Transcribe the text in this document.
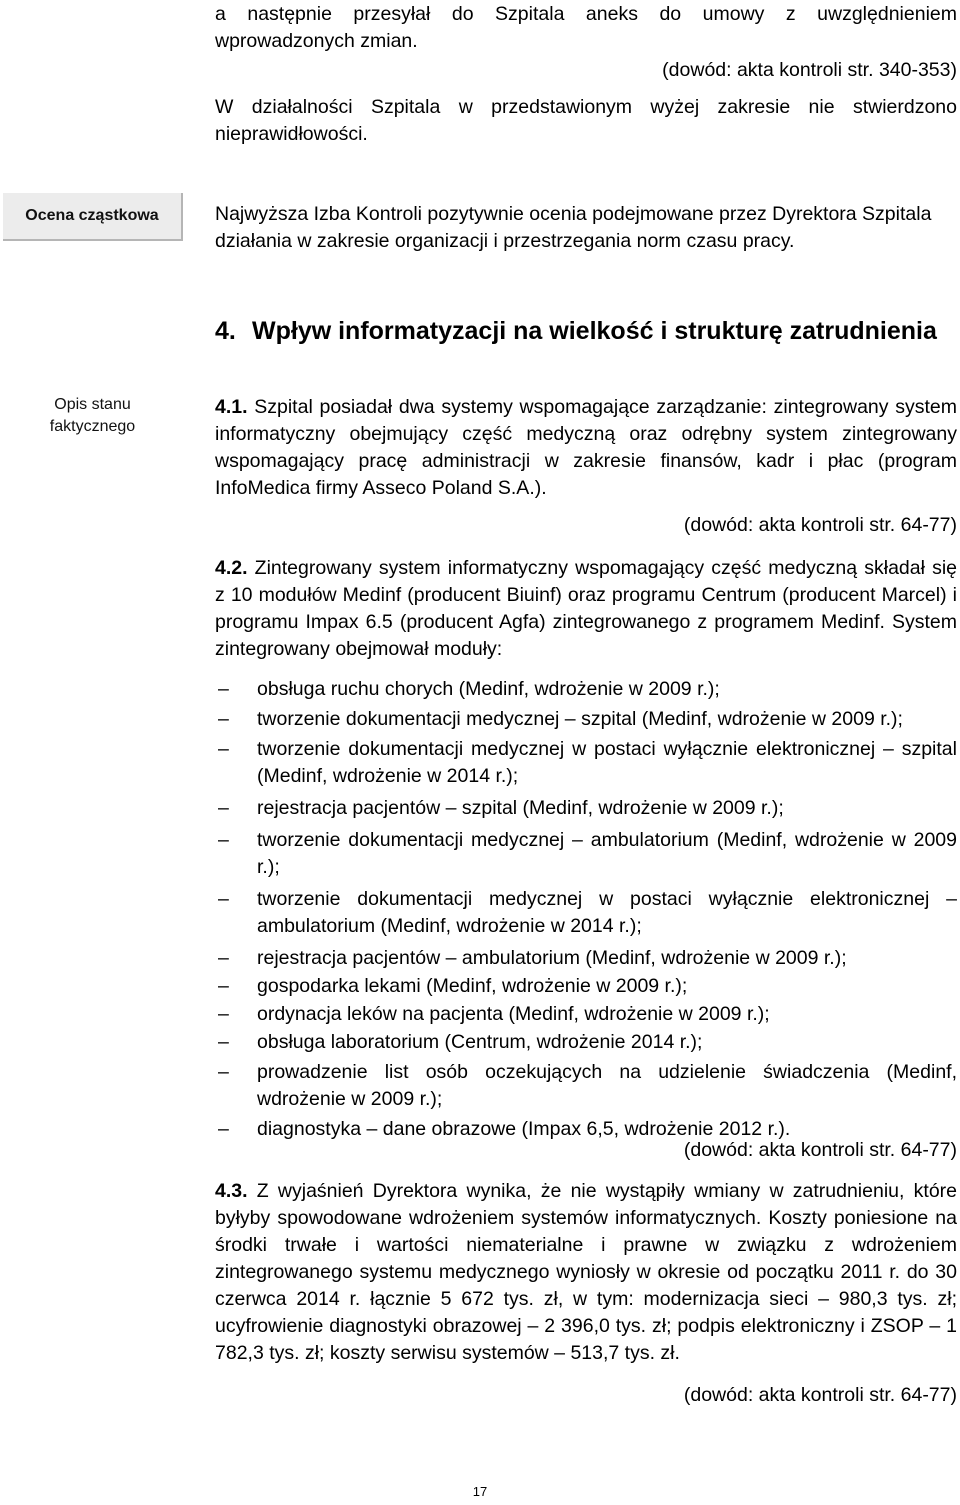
a następnie przesyłał do Szpitala aneks do umowy z uwzględnieniem wprowadzonych zmian.
(dowód: akta kontroli str. 340-353)
W działalności Szpitala w przedstawionym wyżej zakresie nie stwierdzono nieprawidłowości.
Ocena cząstkowa	Najwyższa Izba Kontroli pozytywnie ocenia podejmowane przez Dyrektora Szpitala działania w zakresie organizacji i przestrzegania norm czasu pracy.
4. Wpływ informatyzacji na wielkość i strukturę zatrudnienia
Opis stanu
faktycznego
4.1. Szpital posiadał dwa systemy wspomagające zarządzanie: zintegrowany system informatyczny obejmujący część medyczną oraz odrębny system zintegrowany wspomagający pracę administracji w zakresie finansów, kadr i płac (program InfoMedica firmy Asseco Poland S.A.).
(dowód: akta kontroli str. 64-77)
4.2. Zintegrowany system informatyczny wspomagający część medyczną składał się z 10 modułów Medinf (producent Biuinf) oraz programu Centrum (producent Marcel) i programu Impax 6.5 (producent Agfa) zintegrowanego z programem Medinf. System zintegrowany obejmował moduły:
– obsługa ruchu chorych (Medinf, wdrożenie w 2009 r.);
– tworzenie dokumentacji medycznej – szpital (Medinf, wdrożenie w 2009 r.);
– tworzenie dokumentacji medycznej w postaci wyłącznie elektronicznej – szpital (Medinf, wdrożenie w 2014 r.);
– rejestracja pacjentów – szpital (Medinf, wdrożenie w 2009 r.);
– tworzenie dokumentacji medycznej – ambulatorium (Medinf, wdrożenie w 2009 r.);
– tworzenie dokumentacji medycznej w postaci wyłącznie elektronicznej – ambulatorium (Medinf, wdrożenie w 2014 r.);
– rejestracja pacjentów – ambulatorium (Medinf, wdrożenie w 2009 r.);
– gospodarka lekami (Medinf, wdrożenie w 2009 r.);
– ordynacja leków na pacjenta (Medinf, wdrożenie w 2009 r.);
– obsługa laboratorium (Centrum, wdrożenie 2014 r.);
– prowadzenie list osób oczekujących na udzielenie świadczenia (Medinf, wdrożenie w 2009 r.);
– diagnostyka – dane obrazowe (Impax 6,5, wdrożenie 2012 r.).
(dowód: akta kontroli str. 64-77)
4.3. Z wyjaśnień Dyrektora wynika, że nie wystąpiły wmiany w zatrudnieniu, które byłyby spowodowane wdrożeniem systemów informatycznych. Koszty poniesione na środki trwałe i wartości niematerialne i prawne w związku z wdrożeniem zintegrowanego systemu medycznego wyniosły w okresie od początku 2011 r. do 30 czerwca 2014 r. łącznie 5 672 tys. zł, w tym: modernizacja sieci – 980,3 tys. zł; ucyfrowienie diagnostyki obrazowej – 2 396,0 tys. zł; podpis elektroniczny i ZSOP – 1 782,3 tys. zł; koszty serwisu systemów – 513,7 tys. zł.
(dowód: akta kontroli str. 64-77)
17
